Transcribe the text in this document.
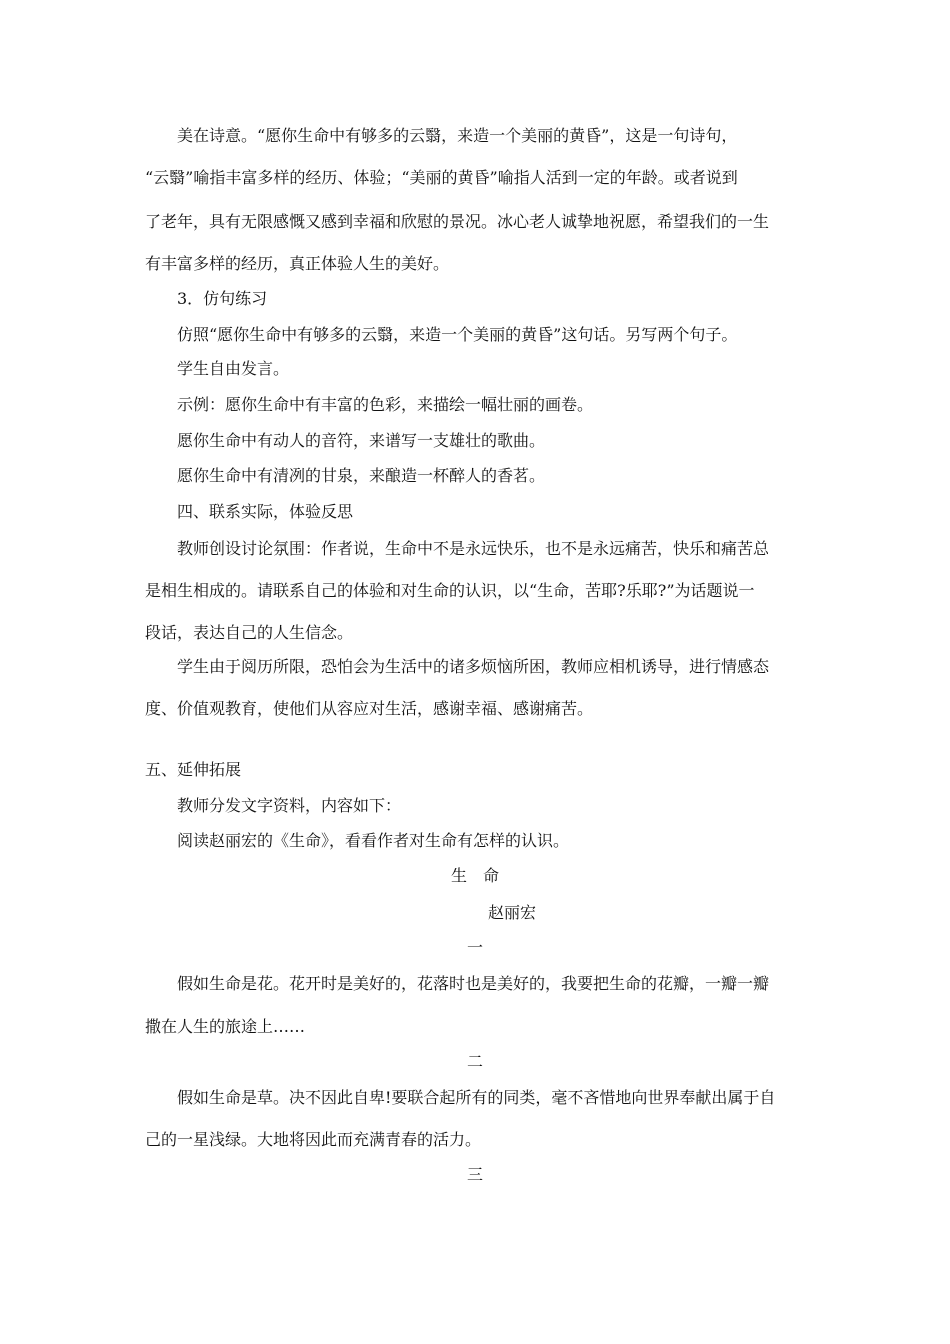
美在诗意。“愿你生命中有够多的云翳，来造一个美丽的黄昏”，这是一句诗句，
“云翳”喻指丰富多样的经历、体验；“美丽的黄昏”喻指人活到一定的年龄。或者说到
了老年，具有无限感慨又感到幸福和欣慰的景况。冰心老人诚挚地祝愿，希望我们的一生
有丰富多样的经历，真正体验人生的美好。
3．仿句练习
仿照“愿你生命中有够多的云翳，来造一个美丽的黄昏”这句话。另写两个句子。
学生自由发言。
示例：愿你生命中有丰富的色彩，来描绘一幅壮丽的画卷。
愿你生命中有动人的音符，来谱写一支雄壮的歌曲。
愿你生命中有清冽的甘泉，来酿造一杯醉人的香茗。
四、联系实际，体验反思
教师创设讨论氛围：作者说，生命中不是永远快乐，也不是永远痛苦，快乐和痛苦总
是相生相成的。请联系自己的体验和对生命的认识，以“生命，苦耶?乐耶?”为话题说一
段话，表达自己的人生信念。
学生由于阅历所限，恐怕会为生活中的诸多烦恼所困，教师应相机诱导，进行情感态
度、价值观教育，使他们从容应对生活，感谢幸福、感谢痛苦。
五、延伸拓展
教师分发文字资料，内容如下：
阅读赵丽宏的《生命》，看看作者对生命有怎样的认识。
生　命
赵丽宏
一
假如生命是花。花开时是美好的，花落时也是美好的，我要把生命的花瓣，一瓣一瓣
撒在人生的旅途上……
二
假如生命是草。决不因此自卑!要联合起所有的同类，毫不吝惜地向世界奉献出属于自
己的一星浅绿。大地将因此而充满青春的活力。
三
